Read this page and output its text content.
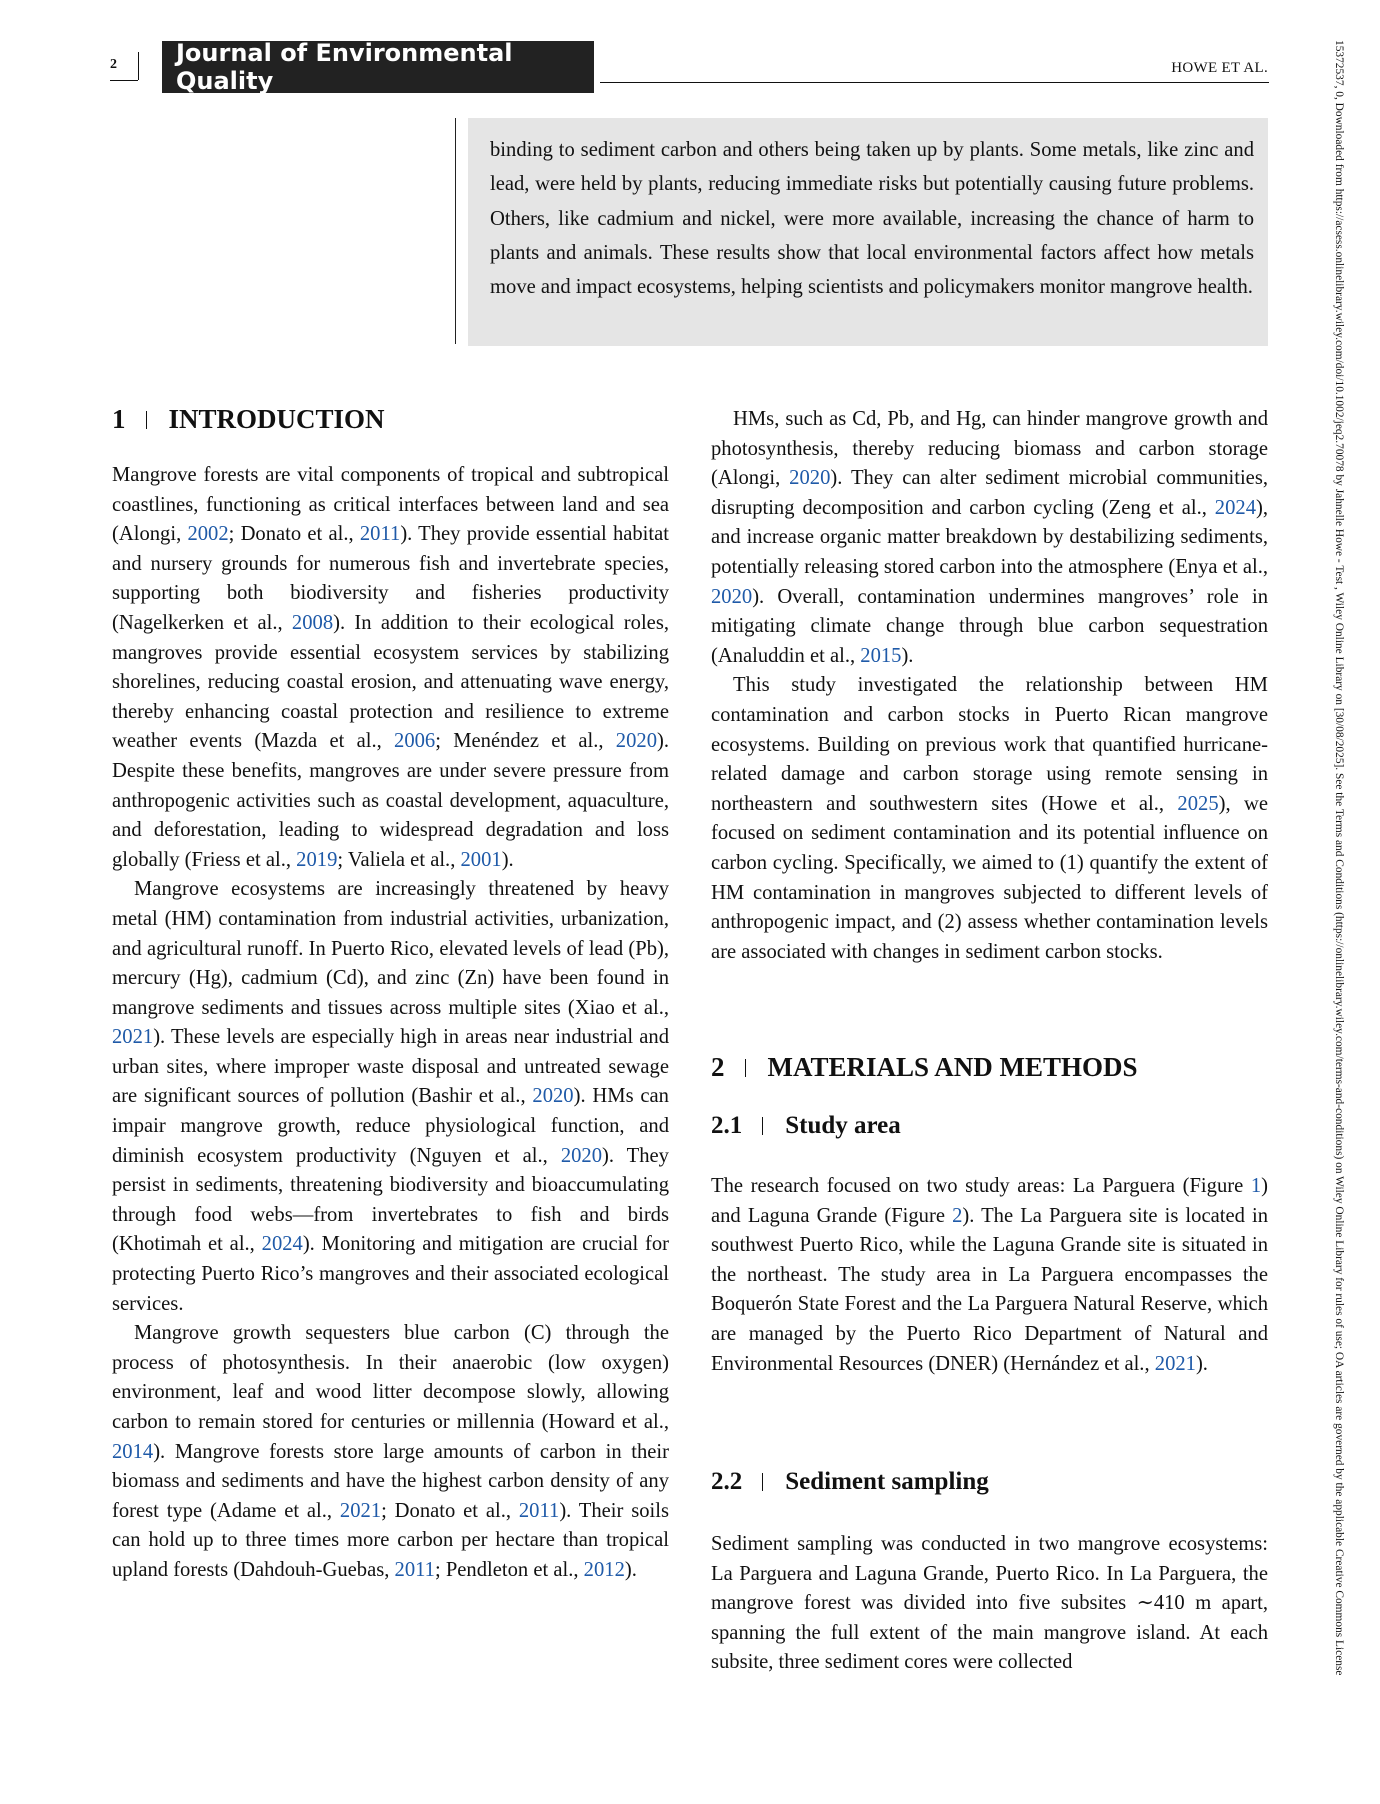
2 Journal of Environmental Quality	HOWE ET AL.	15372537, 0, Downloaded from https://acsess.onlinelibrary.wiley.com/doi/10.1002/jeq2.70078 by Jahnelle Howe - Test , Wiley Online Library on [30/08/2025]. See the Terms and Conditions (https://onlinelibrary.wiley.com/terms-and-conditions) on Wiley Online Library for rules of use; OA articles are governed by the applicable Creative Commons License
binding to sediment carbon and others being taken up by plants. Some metals, like zinc and lead, were held by plants, reducing immediate risks but potentially causing future problems. Others, like cadmium and nickel, were more available, increasing the chance of harm to plants and animals. These results show that local environmental factors affect how metals move and impact ecosystems, helping scientists and policymakers monitor mangrove health.
1 INTRODUCTION

Mangrove forests are vital components of tropical and subtropical coastlines, functioning as critical interfaces between land and sea (Alongi, 2002; Donato et al., 2011). They provide essential habitat and nursery grounds for numerous fish and invertebrate species, supporting both biodiversity and fisheries productivity (Nagelkerken et al., 2008). In addition to their ecological roles, mangroves provide essential ecosystem services by stabilizing shorelines, reducing coastal erosion, and attenuating wave energy, thereby enhancing coastal protection and resilience to extreme weather events (Mazda et al., 2006; Menéndez et al., 2020). Despite these benefits, mangroves are under severe pressure from anthropogenic activities such as coastal development, aquaculture, and deforestation, leading to widespread degradation and loss globally (Friess et al., 2019; Valiela et al., 2001).

Mangrove ecosystems are increasingly threatened by heavy metal (HM) contamination from industrial activities, urbanization, and agricultural runoff. In Puerto Rico, elevated levels of lead (Pb), mercury (Hg), cadmium (Cd), and zinc (Zn) have been found in mangrove sediments and tissues across multiple sites (Xiao et al., 2021). These levels are especially high in areas near industrial and urban sites, where improper waste disposal and untreated sewage are significant sources of pollution (Bashir et al., 2020). HMs can impair mangrove growth, reduce physiological function, and diminish ecosystem productivity (Nguyen et al., 2020). They persist in sediments, threatening biodiversity and bioaccumulating through food webs—from invertebrates to fish and birds (Khotimah et al., 2024). Monitoring and mitigation are crucial for protecting Puerto Rico’s mangroves and their associated ecological services.

Mangrove growth sequesters blue carbon (C) through the process of photosynthesis. In their anaerobic (low oxygen) environment, leaf and wood litter decompose slowly, allowing carbon to remain stored for centuries or millennia (Howard et al., 2014). Mangrove forests store large amounts of carbon in their biomass and sediments and have the highest carbon density of any forest type (Adame et al., 2021; Donato et al., 2011). Their soils can hold up to three times more carbon per hectare than tropical upland forests (Dahdouh-Guebas, 2011; Pendleton et al., 2012).

HMs, such as Cd, Pb, and Hg, can hinder mangrove growth and photosynthesis, thereby reducing biomass and carbon storage (Alongi, 2020). They can alter sediment microbial communities, disrupting decomposition and carbon cycling (Zeng et al., 2024), and increase organic matter breakdown by destabilizing sediments, potentially releasing stored carbon into the atmosphere (Enya et al., 2020). Overall, contamination undermines mangroves’ role in mitigating climate change through blue carbon sequestration (Analuddin et al., 2015).

This study investigated the relationship between HM contamination and carbon stocks in Puerto Rican mangrove ecosystems. Building on previous work that quantified hurricane-related damage and carbon storage using remote sensing in northeastern and southwestern sites (Howe et al., 2025), we focused on sediment contamination and its potential influence on carbon cycling. Specifically, we aimed to (1) quantify the extent of HM contamination in mangroves subjected to different levels of anthropogenic impact, and (2) assess whether contamination levels are associated with changes in sediment carbon stocks.

2 MATERIALS AND METHODS
2.1 Study area

The research focused on two study areas: La Parguera (Figure 1) and Laguna Grande (Figure 2). The La Parguera site is located in southwest Puerto Rico, while the Laguna Grande site is situated in the northeast. The study area in La Parguera encompasses the Boquerón State Forest and the La Parguera Natural Reserve, which are managed by the Puerto Rico Department of Natural and Environmental Resources (DNER) (Hernández et al., 2021).

2.2 Sediment sampling

Sediment sampling was conducted in two mangrove ecosystems: La Parguera and Laguna Grande, Puerto Rico. In La Parguera, the mangrove forest was divided into five subsites ∼410 m apart, spanning the full extent of the main mangrove island. At each subsite, three sediment cores were collected
